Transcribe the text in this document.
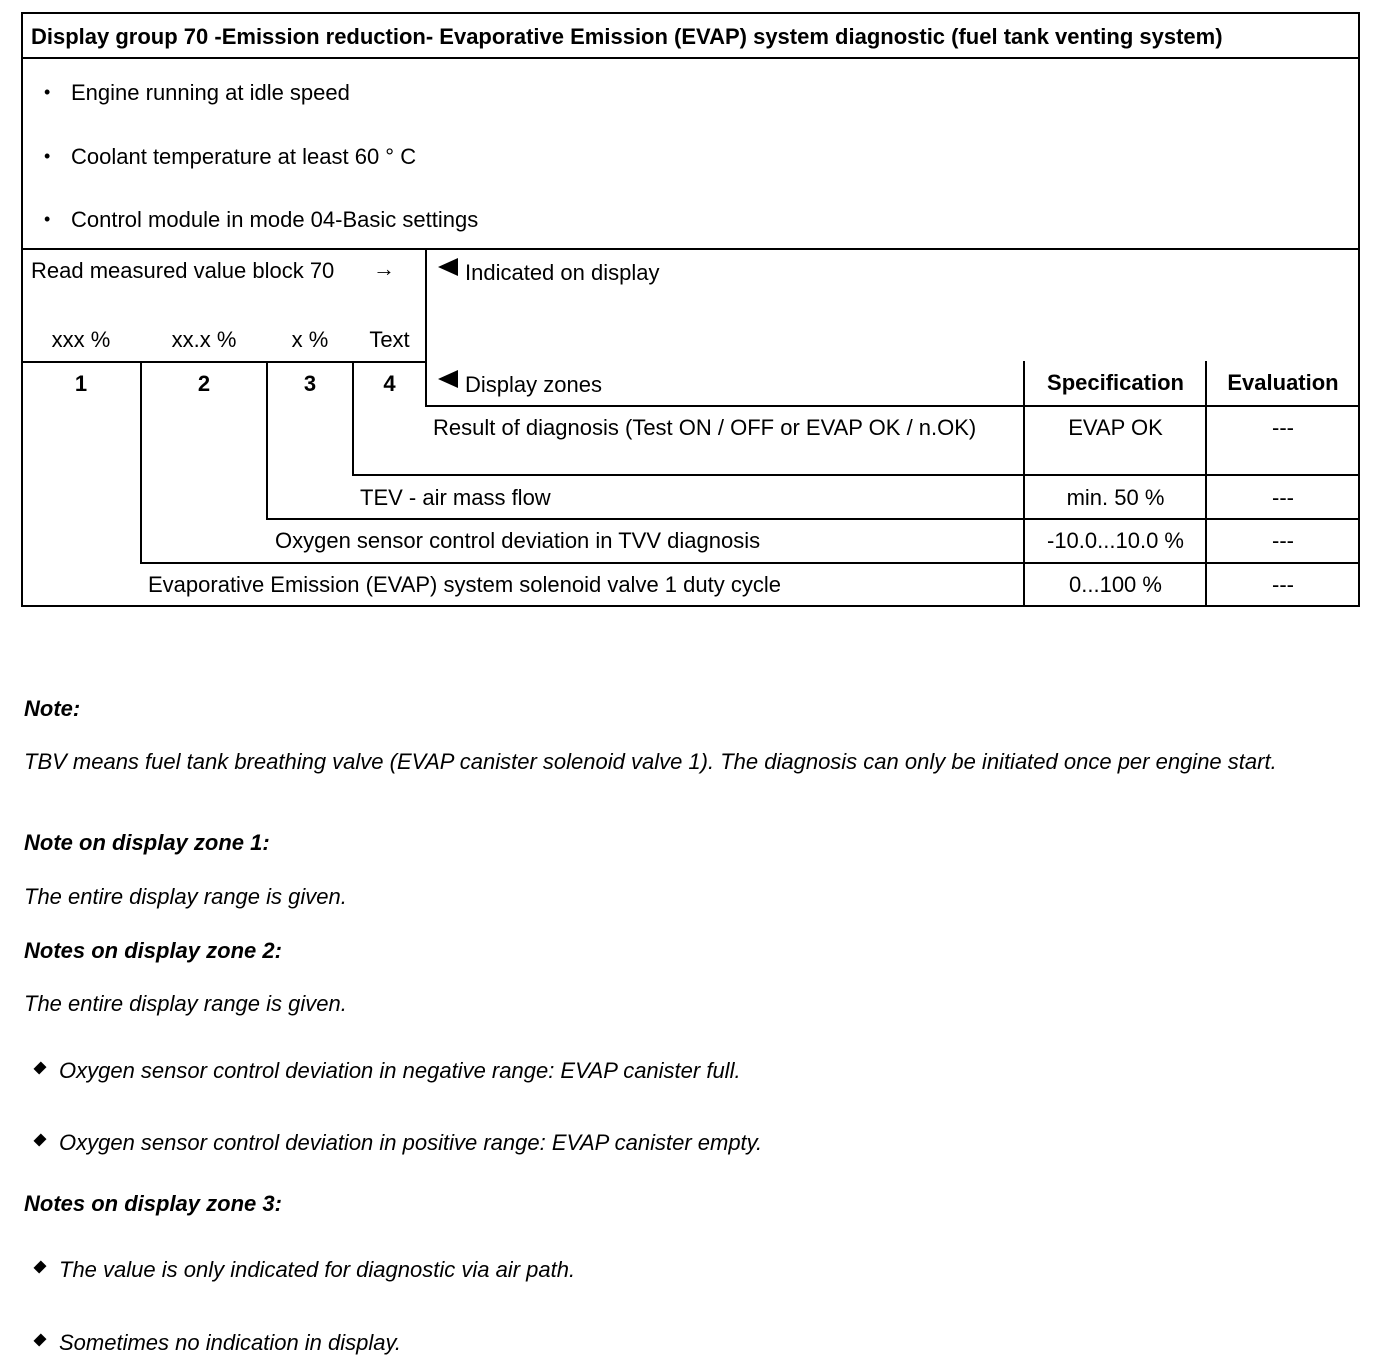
Display group 70 -Emission reduction- Evaporative Emission (EVAP) system diagnostic (fuel tank venting system)
• Engine running at idle speed
• Coolant temperature at least 60 ° C
• Control module in mode 04-Basic settings
Read measured value block 70	→	Indicated on display
xxx %	xx.x %	x %	Text
1	2	3	4	Display zones	Specification	Evaluation
Result of diagnosis (Test ON / OFF or EVAP OK / n.OK)	EVAP OK	---
TEV - air mass flow	min. 50 %	---
Oxygen sensor control deviation in TVV diagnosis	-10.0...10.0 %	---
Evaporative Emission (EVAP) system solenoid valve 1 duty cycle	0...100 %	---
Note:
TBV means fuel tank breathing valve (EVAP canister solenoid valve 1). The diagnosis can only be initiated once per engine start.
Note on display zone 1:
The entire display range is given.
Notes on display zone 2:
The entire display range is given.
Oxygen sensor control deviation in negative range: EVAP canister full.
Oxygen sensor control deviation in positive range: EVAP canister empty.
Notes on display zone 3:
The value is only indicated for diagnostic via air path.
Sometimes no indication in display.
